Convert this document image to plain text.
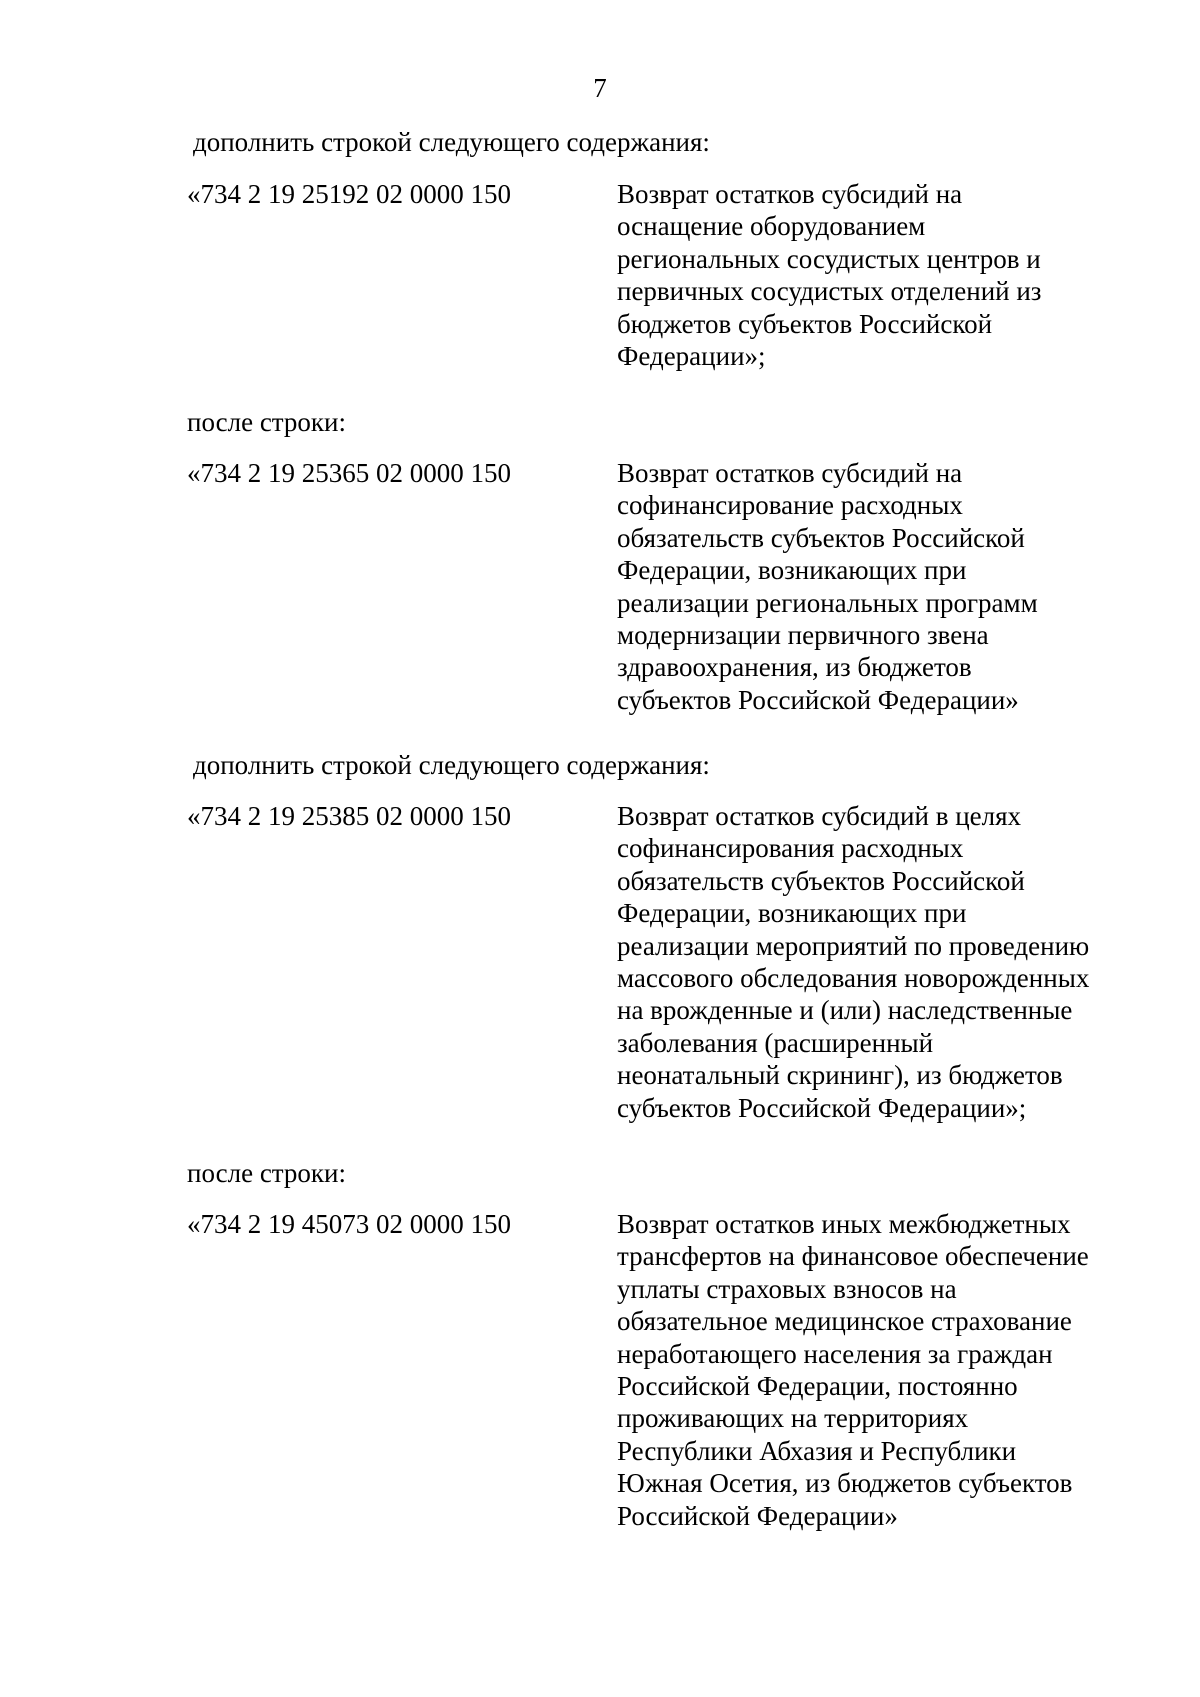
7
дополнить строкой следующего содержания:
«734 2 19 25192 02 0000 150	Возврат остатков субсидий на
оснащение оборудованием
региональных сосудистых центров и
первичных сосудистых отделений из
бюджетов субъектов Российской
Федерации»;
после строки:
«734 2 19 25365 02 0000 150	Возврат остатков субсидий на
софинансирование расходных
обязательств субъектов Российской
Федерации, возникающих при
реализации региональных программ
модернизации первичного звена
здравоохранения, из бюджетов
субъектов Российской Федерации»
дополнить строкой следующего содержания:
«734 2 19 25385 02 0000 150	Возврат остатков субсидий в целях
софинансирования расходных
обязательств субъектов Российской
Федерации, возникающих при
реализации мероприятий по проведению
массового обследования новорожденных
на врожденные и (или) наследственные
заболевания (расширенный
неонатальный скрининг), из бюджетов
субъектов Российской Федерации»;
после строки:
«734 2 19 45073 02 0000 150	Возврат остатков иных межбюджетных
трансфертов на финансовое обеспечение
уплаты страховых взносов на
обязательное медицинское страхование
неработающего населения за граждан
Российской Федерации, постоянно
проживающих на территориях
Республики Абхазия и Республики
Южная Осетия, из бюджетов субъектов
Российской Федерации»
